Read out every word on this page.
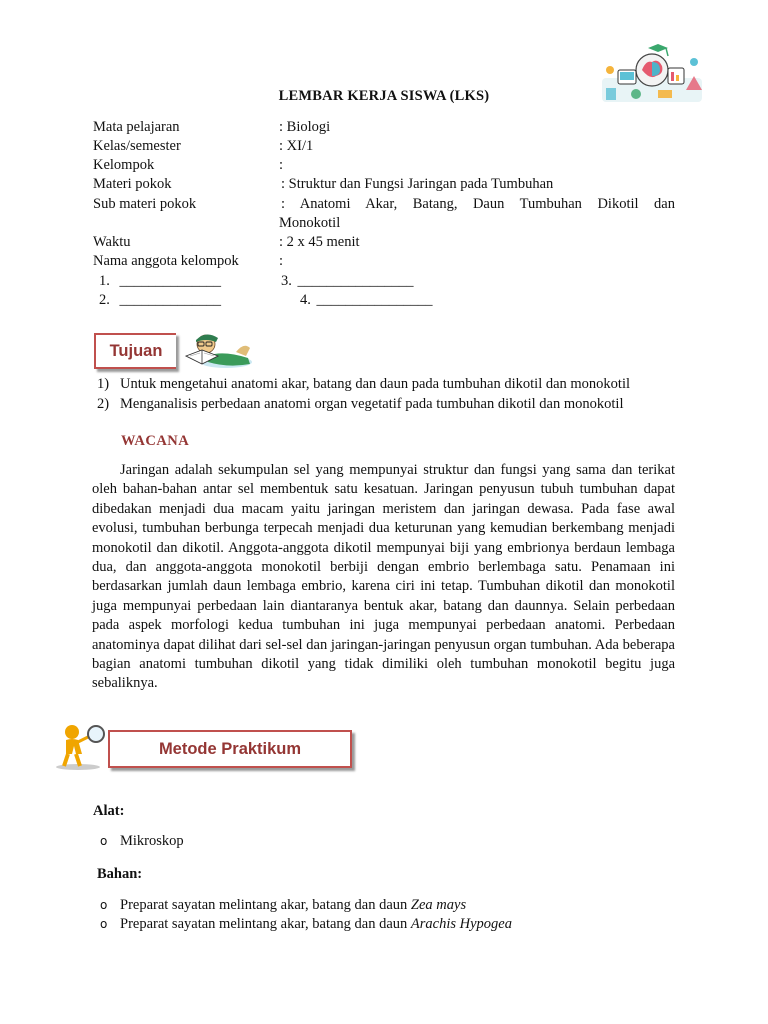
LEMBAR KERJA SISWA (LKS)
Mata pelajaran	: Biologi
Kelas/semester	: XI/1
Kelompok	:
Materi pokok	: Struktur dan Fungsi Jaringan pada Tumbuhan
Sub materi pokok	: Anatomi Akar, Batang, Daun Tumbuhan Dikotil dan
Monokotil
Waktu	: 2 x 45 menit
Nama anggota kelompok	:
1. ______________
2. ______________
3. ________________
4. ________________
Tujuan
1) Untuk mengetahui anatomi akar, batang dan daun pada tumbuhan dikotil dan monokotil
2) Menganalisis perbedaan anatomi organ vegetatif pada tumbuhan dikotil dan monokotil
WACANA

Jaringan adalah sekumpulan sel yang mempunyai struktur dan fungsi yang sama dan terikat oleh bahan-bahan antar sel membentuk satu kesatuan. Jaringan penyusun tubuh tumbuhan dapat dibedakan menjadi dua macam yaitu jaringan meristem dan jaringan dewasa. Pada fase awal evolusi, tumbuhan berbunga terpecah menjadi dua keturunan yang kemudian berkembang menjadi monokotil dan dikotil. Anggota-anggota dikotil mempunyai biji yang embrionya berdaun lembaga dua, dan anggota-anggota monokotil berbiji dengan embrio berlembaga satu. Penamaan ini berdasarkan jumlah daun lembaga embrio, karena ciri ini tetap. Tumbuhan dikotil dan monokotil juga mempunyai perbedaan lain diantaranya bentuk akar, batang dan daunnya. Selain perbedaan pada aspek morfologi kedua tumbuhan ini juga mempunyai perbedaan anatomi. Perbedaan anatominya dapat dilihat dari sel-sel dan jaringan-jaringan penyusun organ tumbuhan. Ada beberapa bagian anatomi tumbuhan dikotil yang tidak dimiliki oleh tumbuhan monokotil begitu juga sebaliknya.

Metode Praktikum
Alat:
o Mikroskop
Bahan:
o Preparat sayatan melintang akar, batang dan daun Zea mays
o Preparat sayatan melintang akar, batang dan daun Arachis Hypogea
